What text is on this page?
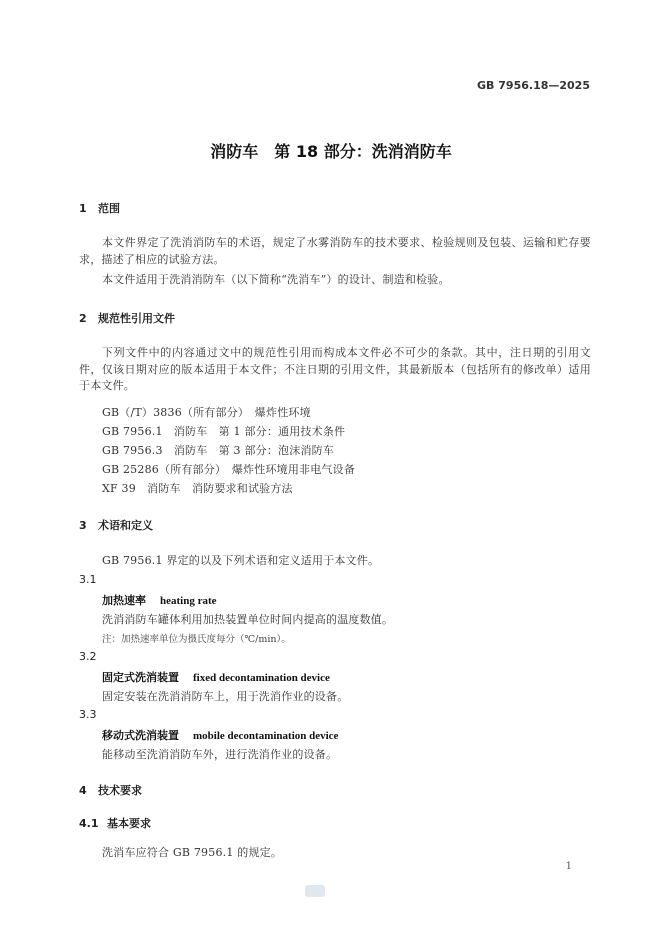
GB 7956.18—2025
消防车　第 18 部分：洗消消防车
1 范围
本文件界定了洗消消防车的术语，规定了水雾消防车的技术要求、检验规则及包装、运输和贮存要求，描述了相应的试验方法。
本文件适用于洗消消防车（以下简称“洗消车”）的设计、制造和检验。
2 规范性引用文件
下列文件中的内容通过文中的规范性引用而构成本文件必不可少的条款。其中，注日期的引用文件，仅该日期对应的版本适用于本文件；不注日期的引用文件，其最新版本（包括所有的修改单）适用于本文件。
GB（/T）3836（所有部分）　爆炸性环境
GB 7956.1　消防车　第 1 部分：通用技术条件
GB 7956.3　消防车　第 3 部分：泡沫消防车
GB 25286（所有部分）　爆炸性环境用非电气设备
XF 39　消防车　消防要求和试验方法
3 术语和定义
GB 7956.1 界定的以及下列术语和定义适用于本文件。
3.1
加热速率 heating rate
洗消消防车罐体利用加热装置单位时间内提高的温度数值。
注：加热速率单位为摄氏度每分（℃/min）。
3.2
固定式洗消装置 fixed decontamination device
固定安装在洗消消防车上，用于洗消作业的设备。
3.3
移动式洗消装置 mobile decontamination device
能移动至洗消消防车外，进行洗消作业的设备。
4 技术要求
4.1 基本要求
洗消车应符合 GB 7956.1 的规定。
1
